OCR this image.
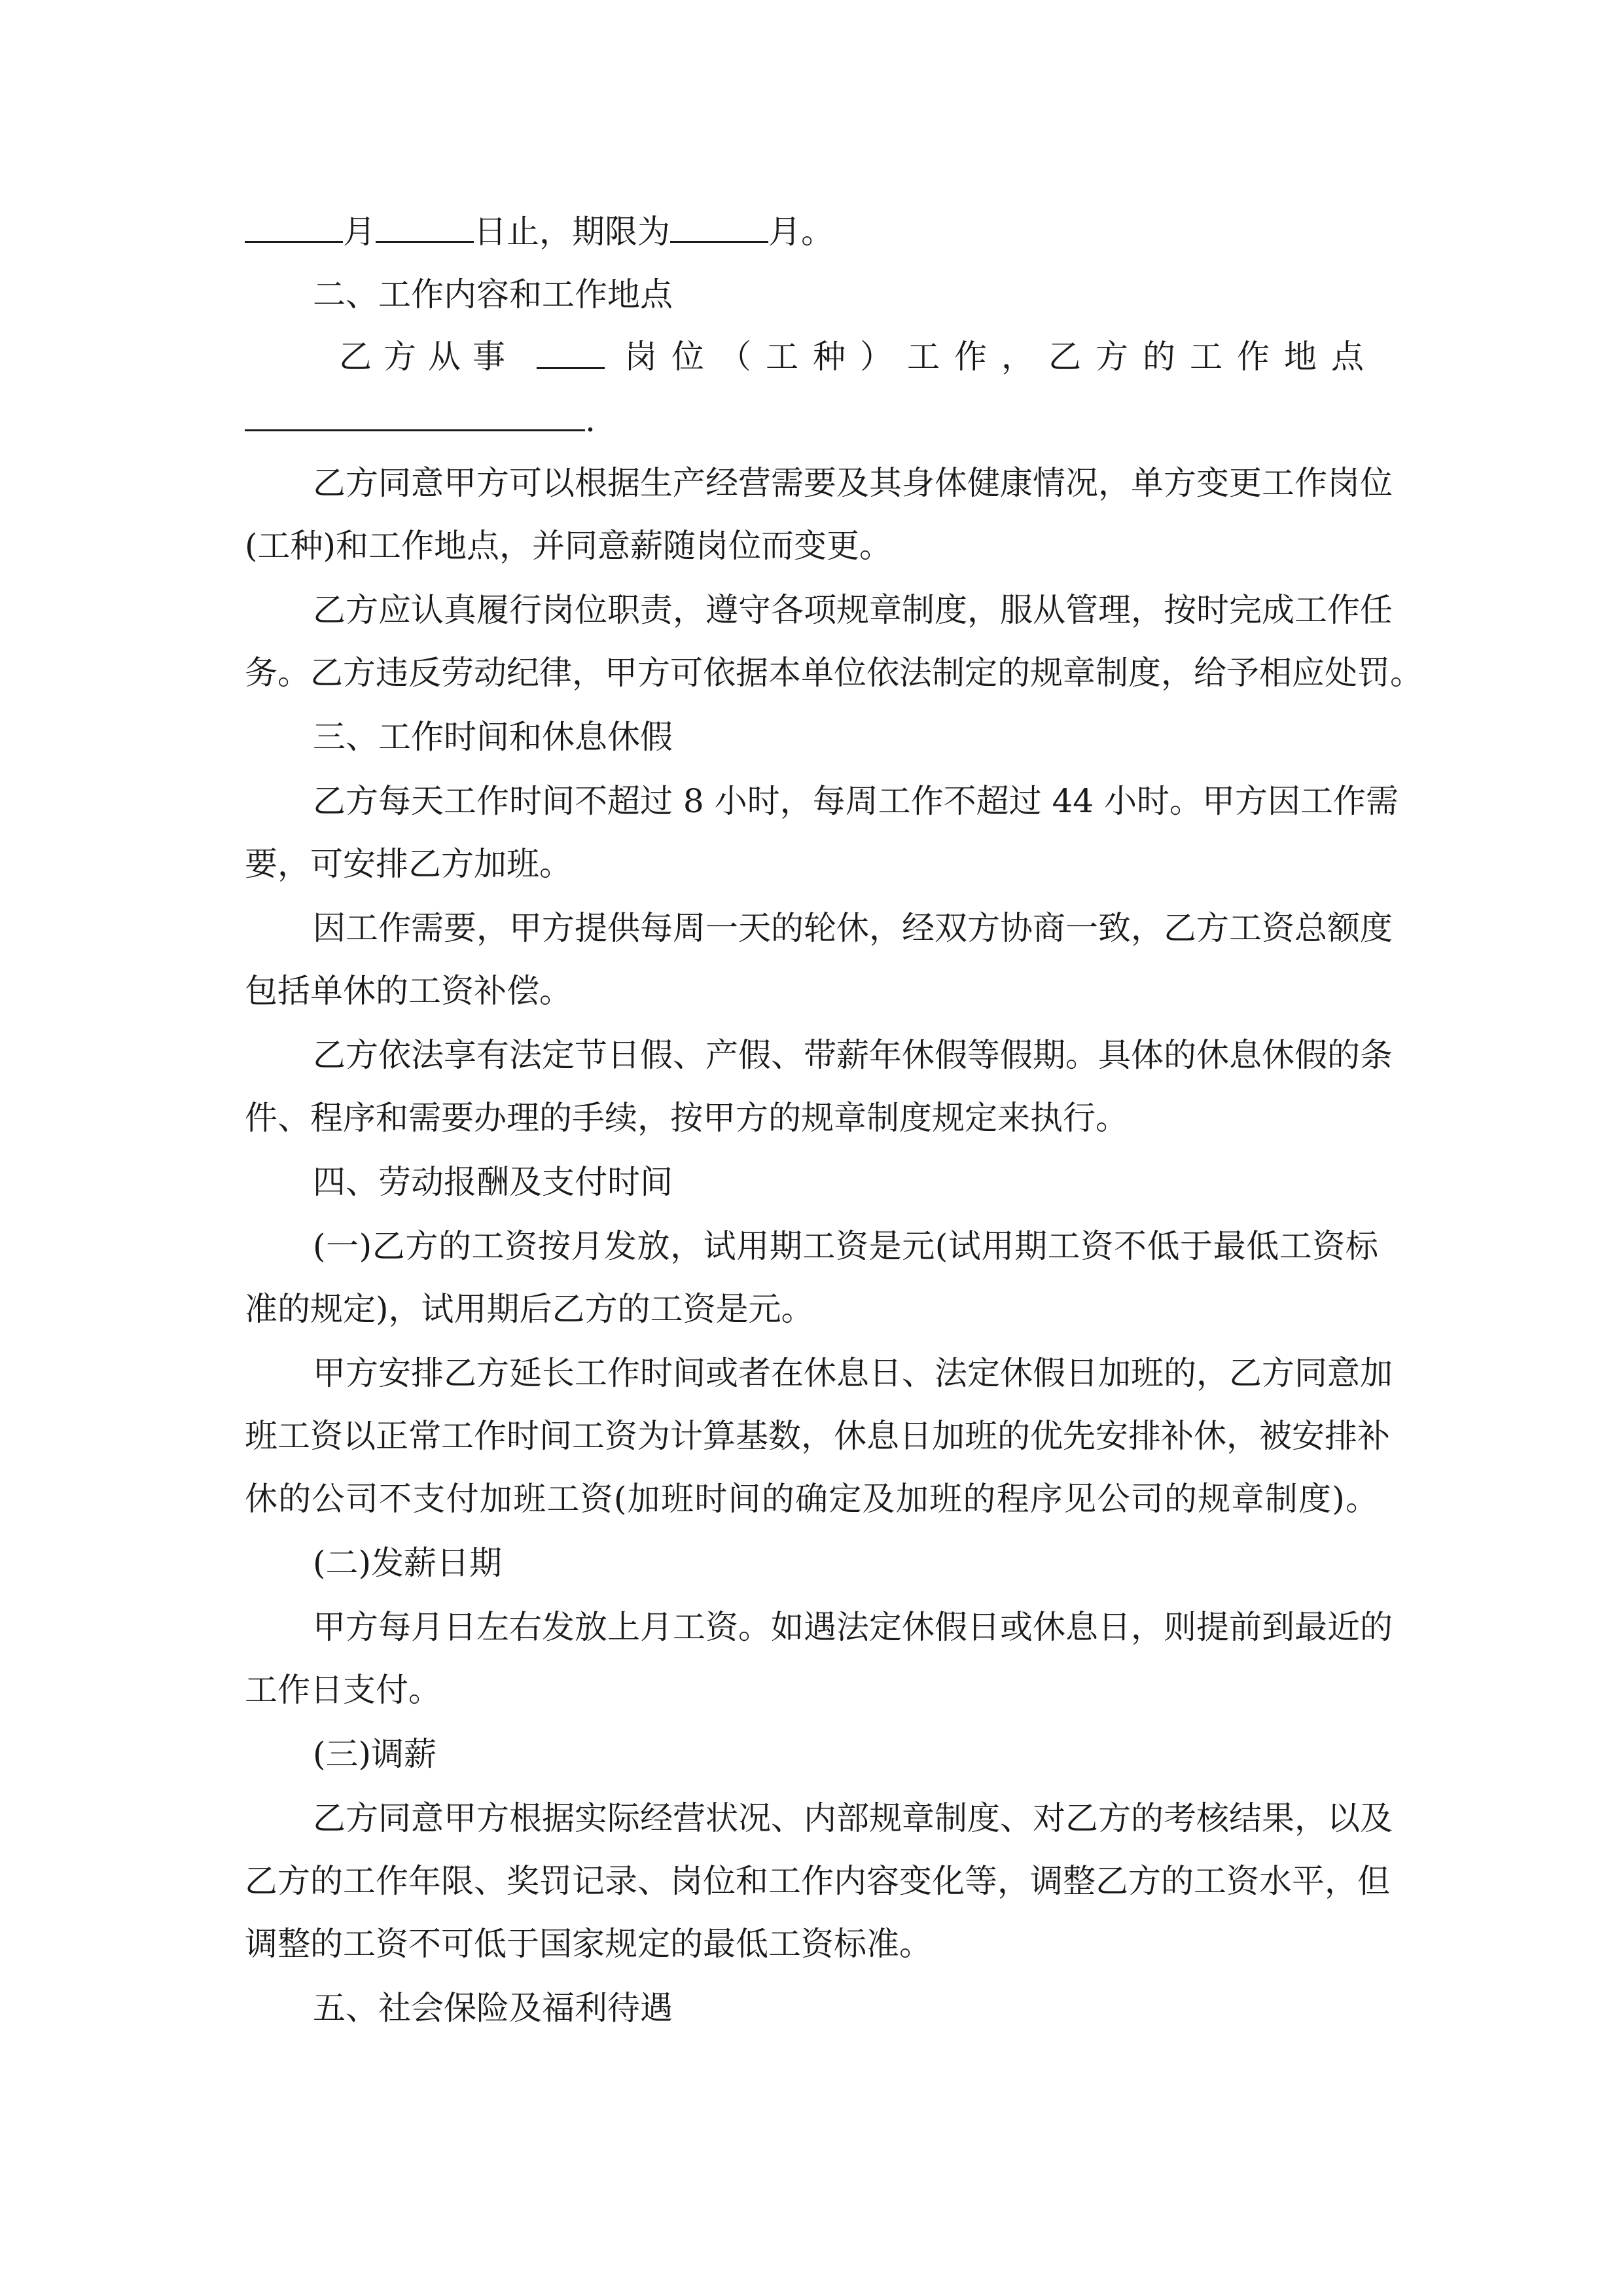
月	日止，期限为	月。
二、工作内容和工作地点
乙方从事	岗位（工种）工作，乙方的工作地点
.
乙方同意甲方可以根据生产经营需要及其身体健康情况，单方变更工作岗位
(工种)和工作地点，并同意薪随岗位而变更。
乙方应认真履行岗位职责，遵守各项规章制度，服从管理，按时完成工作任
务。乙方违反劳动纪律，甲方可依据本单位依法制定的规章制度，给予相应处罚。
三、工作时间和休息休假
乙方每天工作时间不超过 8 小时，每周工作不超过 44 小时。甲方因工作需
要，可安排乙方加班。
因工作需要，甲方提供每周一天的轮休，经双方协商一致，乙方工资总额度
包括单休的工资补偿。
乙方依法享有法定节日假、产假、带薪年休假等假期。具体的休息休假的条
件、程序和需要办理的手续，按甲方的规章制度规定来执行。
四、劳动报酬及支付时间
(一)乙方的工资按月发放，试用期工资是元(试用期工资不低于最低工资标
准的规定)，试用期后乙方的工资是元。
甲方安排乙方延长工作时间或者在休息日、法定休假日加班的，乙方同意加
班工资以正常工作时间工资为计算基数，休息日加班的优先安排补休，被安排补
休的公司不支付加班工资(加班时间的确定及加班的程序见公司的规章制度)。
(二)发薪日期
甲方每月日左右发放上月工资。如遇法定休假日或休息日，则提前到最近的
工作日支付。
(三)调薪
乙方同意甲方根据实际经营状况、内部规章制度、对乙方的考核结果，以及
乙方的工作年限、奖罚记录、岗位和工作内容变化等，调整乙方的工资水平，但
调整的工资不可低于国家规定的最低工资标准。
五、社会保险及福利待遇
